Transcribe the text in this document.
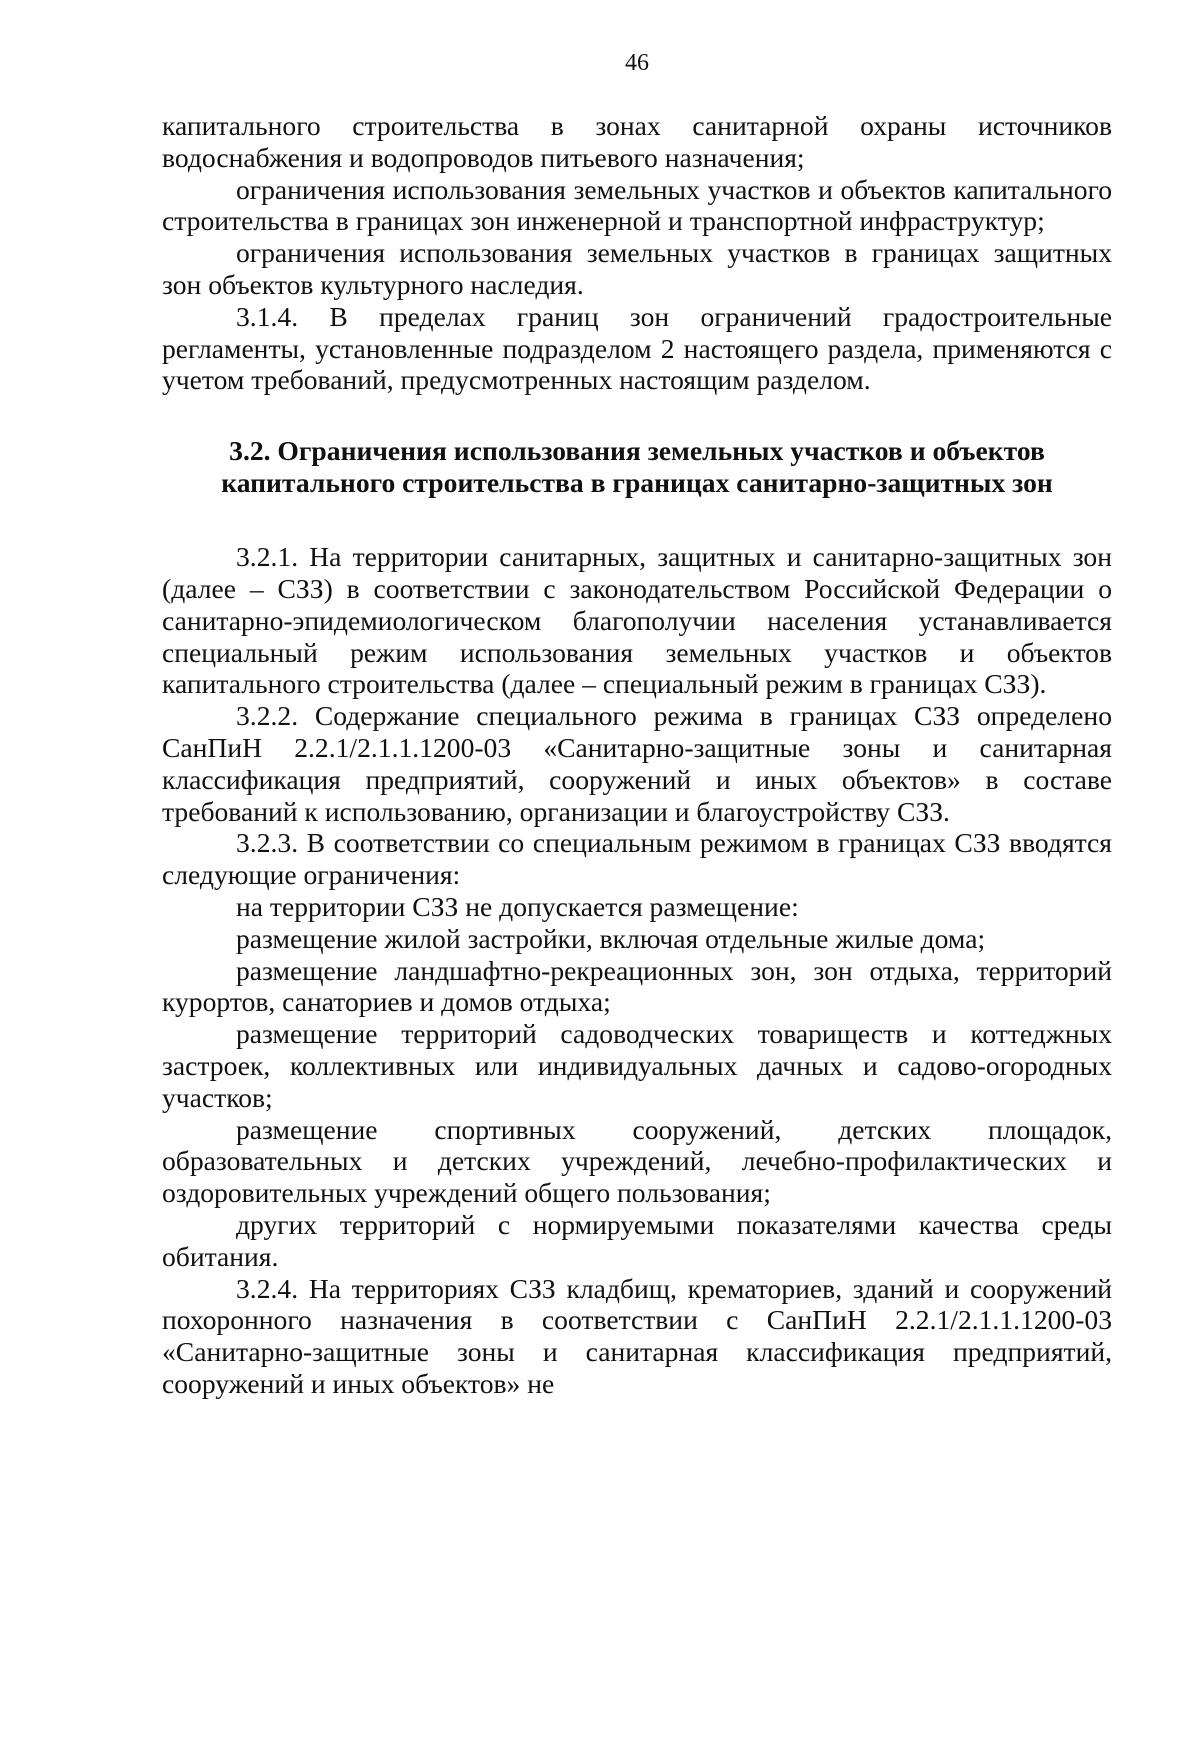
46

капитального строительства в зонах санитарной охраны источников водоснабжения и водопроводов питьевого назначения;

ограничения использования земельных участков и объектов капитального строительства в границах зон инженерной и транспортной инфраструктур;

ограничения использования земельных участков в границах защитных зон объектов культурного наследия.

3.1.4. В пределах границ зон ограничений градостроительные регламенты, установленные подразделом 2 настоящего раздела, применяются с учетом требований, предусмотренных настоящим разделом.

3.2. Ограничения использования земельных участков и объектов
капитального строительства в границах санитарно-защитных зон

3.2.1. На территории санитарных, защитных и санитарно-защитных зон (далее – СЗЗ) в соответствии с законодательством Российской Федерации о санитарно-эпидемиологическом благополучии населения устанавливается специальный режим использования земельных участков и объектов капитального строительства (далее – специальный режим в границах СЗЗ).

3.2.2. Содержание специального режима в границах СЗЗ определено СанПиН 2.2.1/2.1.1.1200-03 «Санитарно-защитные зоны и санитарная классификация предприятий, сооружений и иных объектов» в составе требований к использованию, организации и благоустройству СЗЗ.

3.2.3. В соответствии со специальным режимом в границах СЗЗ вводятся следующие ограничения:

на территории СЗЗ не допускается размещение:

размещение жилой застройки, включая отдельные жилые дома;

размещение ландшафтно-рекреационных зон, зон отдыха, территорий курортов, санаториев и домов отдыха;

размещение территорий садоводческих товариществ и коттеджных застроек, коллективных или индивидуальных дачных и садово-огородных участков;

размещение спортивных сооружений, детских площадок, образовательных и детских учреждений, лечебно-профилактических и оздоровительных учреждений общего пользования;

других территорий с нормируемыми показателями качества среды обитания.

3.2.4. На территориях СЗЗ кладбищ, крематориев, зданий и сооружений похоронного назначения в соответствии с СанПиН 2.2.1/2.1.1.1200-03 «Санитарно-защитные зоны и санитарная классификация предприятий, сооружений и иных объектов» не
